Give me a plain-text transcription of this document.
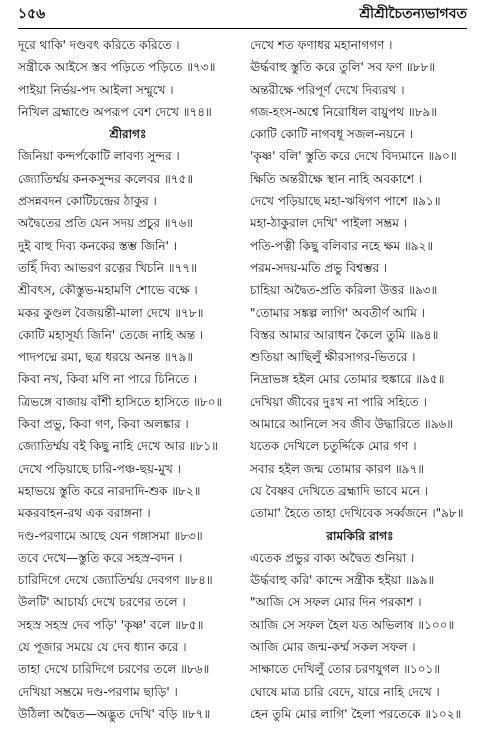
১৫৬	শ্রীশ্রীচৈতন্যভাগবত
দূরে থাকি' দণ্ডবৎ করিতে করিতে ।
সন্ত্রীকে আইসে স্তব পড়িতে পড়িতে ॥৭৩॥
পাইয়া নির্ভয়-পদ আইলা সম্মুখে ।
নিখিল ব্রহ্মাণ্ডে অপরূপ বেশ দেখে ॥৭৪॥
শ্রীরাগঃ
জিনিয়া কন্দর্পকোটি লাবণ্য সুন্দর ।
জ্যোতির্ম্ময় কনকসুন্দর কলেবর ॥৭৫॥
প্রসন্নবদন কোটিচন্দ্রের ঠাকুর ।
অদ্বৈতের প্রতি যেন সদয় প্রচুর ॥৭৬॥
দুই বাহু দিব্য কনকের স্তম্ভ জিনি' ।
তহিঁ দিব্য আভরণ রত্নের খিচনি ॥৭৭॥
শ্রীবৎস, কৌস্তুভ-মহামণি শোভে বক্ষে ।
মকর কুণ্ডল বৈজয়ন্তী-মালা দেখে ॥৭৮॥
কোটি মহাসূর্য্য জিনি' তেজে নাহি অন্ত ।
পাদপদ্মে রমা, ছত্র ধরয়ে অনন্ত ॥৭৯॥
কিবা নখ, কিবা মণি না পারে চিনিতে ।
ত্রিভঙ্গে বাজায় বাঁশী হাসিতে হাসিতে ॥৮০॥
কিবা প্রভু, কিবা গণ, কিবা অলঙ্কার ।
জ্যোতির্ম্ময় বই কিছু নাহি দেখে আর ॥৮১॥
দেখে পড়িয়াছে চারি-পঞ্চ-ছয়-মুখ ।
মহাভয়ে স্তুতি করে নারদাদি-শুক ॥৮২॥
মকরবাহন-রথ এক বরাঙ্গনা ।
দণ্ড-পরণামে আছে যেন গঙ্গাসমা ॥৮৩॥
তবে দেখে—স্তুতি করে সহস্র-বদন ।
চারিদিগে দেখে জ্যোতির্ম্ময় দেবগণ ॥৮৪॥
উলটি' আচার্য্য দেখে চরণের তলে ।
সহস্র সহস্র দেব পড়ি' 'কৃষ্ণ' বলে ॥৮৫॥
যে পূজার সময়ে যে দেব ধ্যান করে ।
তাহা দেখে চারিদিগে চরণের তলে ॥৮৬॥
দেখিয়া সম্ভ্রমে দণ্ড-পরণাম ছাড়ি' ।
উঠিলা অদ্বৈত—অদ্ভুত দেখি' বড়ি ॥৮৭॥
দেখে শত ফণাধর মহানাগগণ ।
ঊর্দ্ধবাহু স্তুতি করে তুলি' সব ফণ ॥৮৮॥
অন্তরীক্ষে পরিপূর্ণ দেখে দিব্যরথ ।
গজ-হংস-অশ্বে নিরোধিল বায়ুপথ ॥৮৯॥
কোটি কোটি নাগবধূ সজল-নয়নে ।
'কৃষ্ণ' বলি' স্তুতি করে দেখে বিদ্যমানে ॥৯০॥
ক্ষিতি অন্তরীক্ষে স্থান নাহি অবকাশে ।
দেখে পড়িয়াছে মহা-ঋষিগণ পাশে ॥৯১॥
মহা-ঠাকুরাল দেখি' পাইলা সম্ভ্রম ।
পতি-পত্নী কিছু বলিবার নহে ক্ষম ॥৯২॥
পরম-সদয়-মতি প্রভু বিশ্বম্ভর ।
চাহিয়া অদ্বৈত-প্রতি করিলা উত্তর ॥৯৩॥
"তোমার সঙ্কল্প লাগি' অবতীর্ণ আমি ।
বিস্তর আমার আরাধন কৈলে তুমি ॥৯৪॥
শুতিয়া আছিলুঁ ক্ষীরসাগর-ভিতরে ।
নিদ্রাভঙ্গ হইল মোর তোমার হুঙ্কারে ॥৯৫॥
দেখিয়া জীবের দুঃখ না পারি সহিতে ।
আমারে আনিলে সব জীব উদ্ধারিতে ॥৯৬॥
যতেক দেখিলে চতুর্দ্দিকে মোর গণ ।
সবার হইল জন্ম তোমার কারণ ॥৯৭॥
যে বৈষ্ণব দেখিতে ব্রহ্মাদি ভাবে মনে ।
তোমা' হৈতে তাহা দেখিবেক সর্ব্বজনে ।"৯৮॥
রামকিরি রাগঃ
এতেক প্রভুর বাক্য অদ্বৈত শুনিয়া ।
ঊর্দ্ধবাহু করি' কান্দে সন্ত্রীক হইয়া ॥৯৯॥
"আজি সে সফল মোর দিন পরকাশ ।
আজি সে সফল হৈল যত অভিলাষ ॥১০০॥
আজি মোর জন্ম-কর্ম্ম সকল সফল ।
সাক্ষাতে দেখিলুঁ তোর চরণযুগল ॥১০১॥
ঘোষে মাত্র চারি বেদে, যারে নাহি দেখে ।
হেন তুমি মোর লাগি' হৈলা পরতেকে ॥১০২॥
